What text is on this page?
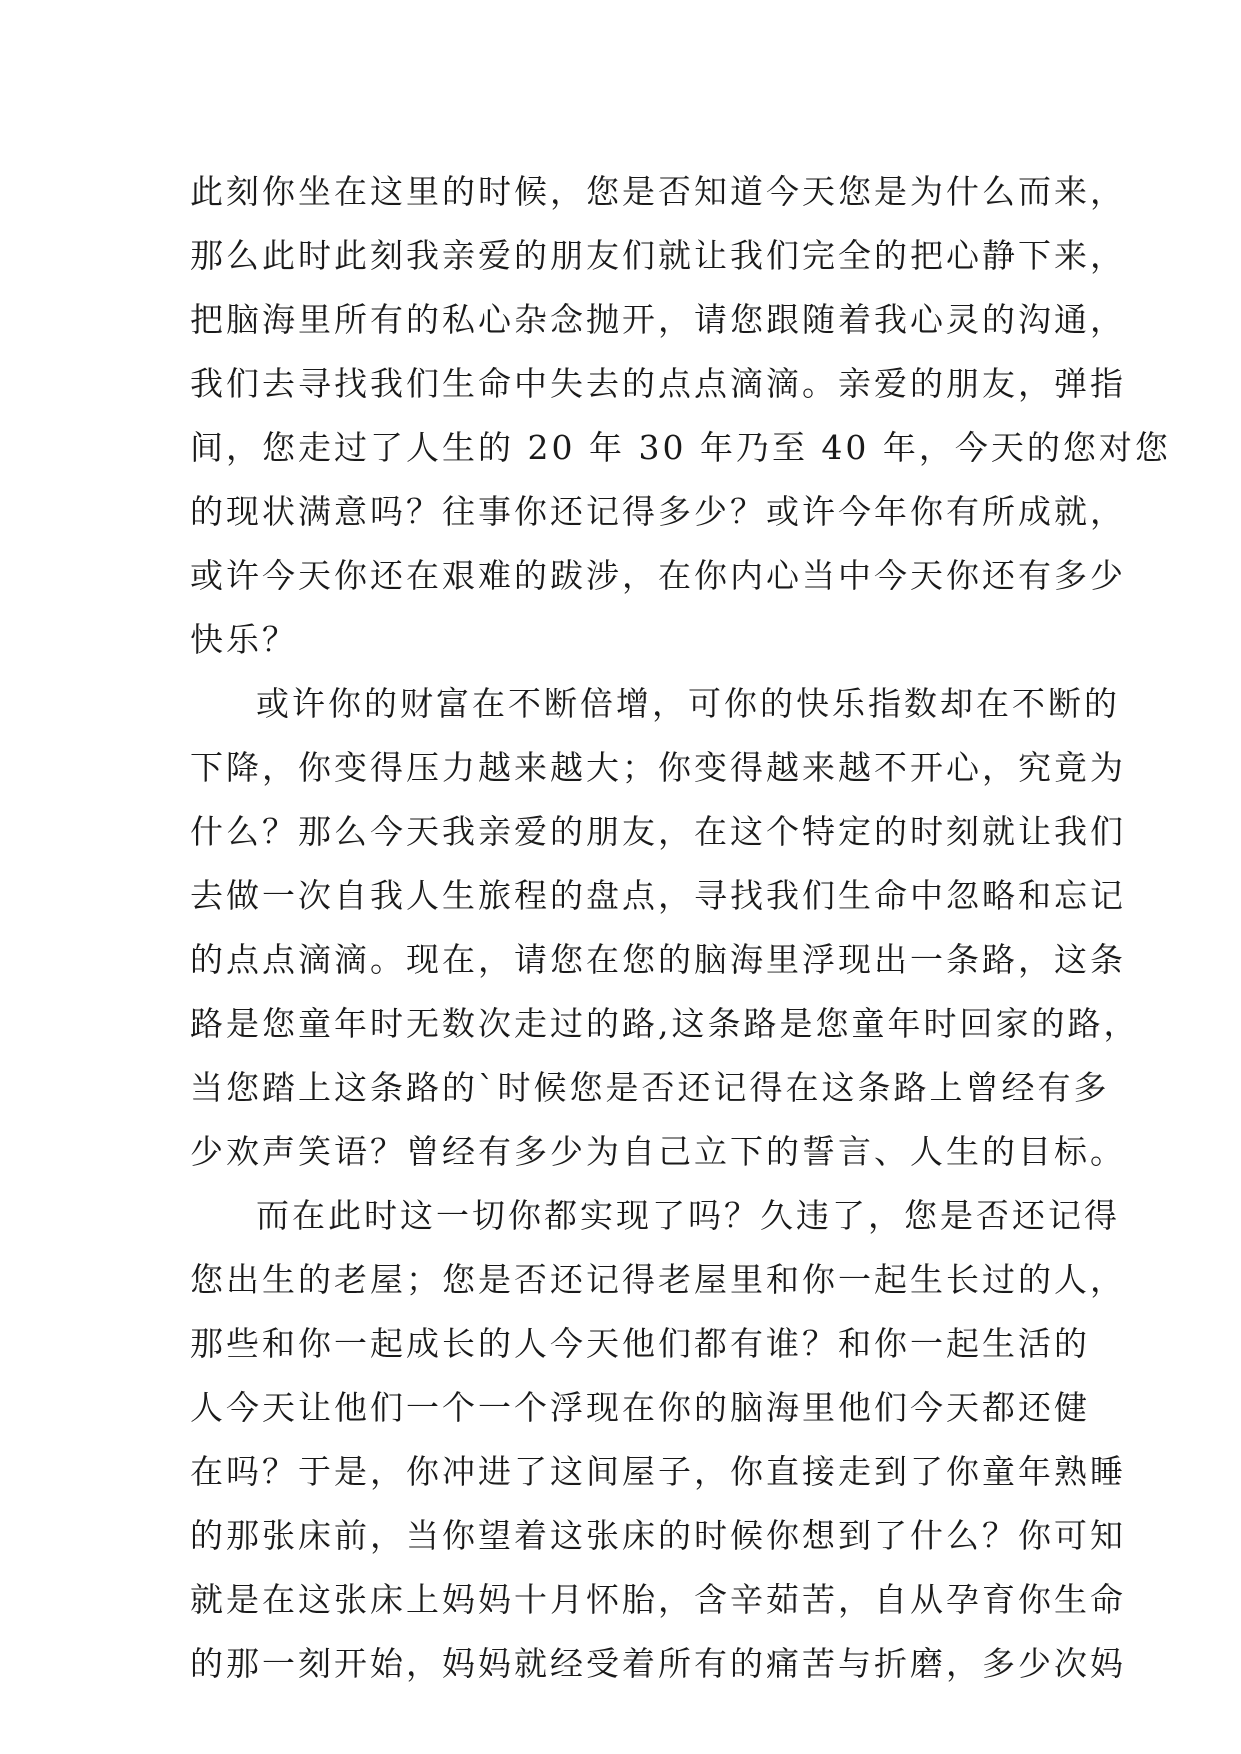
此刻你坐在这里的时候，您是否知道今天您是为什么而来，
那么此时此刻我亲爱的朋友们就让我们完全的把心静下来，
把脑海里所有的私心杂念抛开，请您跟随着我心灵的沟通，
我们去寻找我们生命中失去的点点滴滴。亲爱的朋友，弹指
间，您走过了人生的 20 年 30 年乃至 40 年，今天的您对您
的现状满意吗？往事你还记得多少？或许今年你有所成就，
或许今天你还在艰难的跋涉，在你内心当中今天你还有多少
快乐？
或许你的财富在不断倍增，可你的快乐指数却在不断的
下降，你变得压力越来越大；你变得越来越不开心，究竟为
什么？那么今天我亲爱的朋友，在这个特定的时刻就让我们
去做一次自我人生旅程的盘点，寻找我们生命中忽略和忘记
的点点滴滴。现在，请您在您的脑海里浮现出一条路，这条
路是您童年时无数次走过的路,这条路是您童年时回家的路，
当您踏上这条路的`时候您是否还记得在这条路上曾经有多
少欢声笑语？曾经有多少为自己立下的誓言、人生的目标。
而在此时这一切你都实现了吗？久违了，您是否还记得
您出生的老屋；您是否还记得老屋里和你一起生长过的人，
那些和你一起成长的人今天他们都有谁？和你一起生活的
人今天让他们一个一个浮现在你的脑海里他们今天都还健
在吗？于是，你冲进了这间屋子，你直接走到了你童年熟睡
的那张床前，当你望着这张床的时候你想到了什么？你可知
就是在这张床上妈妈十月怀胎，含辛茹苦，自从孕育你生命
的那一刻开始，妈妈就经受着所有的痛苦与折磨，多少次妈
